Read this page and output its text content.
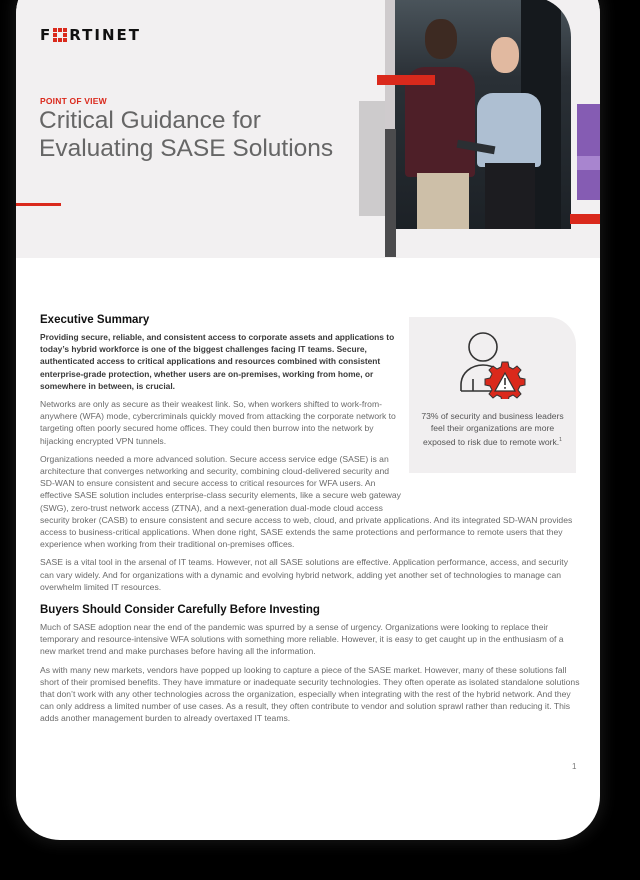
F RTINET
POINT OF VIEW
Critical Guidance for Evaluating SASE Solutions
73% of security and business leaders feel their organizations are more exposed to risk due to remote work.$^1$
Executive Summary

Providing secure, reliable, and consistent access to corporate assets and applications to today’s hybrid workforce is one of the biggest challenges facing IT teams. Secure, authenticated access to critical applications and resources combined with consistent enterprise-grade protection, whether users are on-premises, working from home, or somewhere in between, is crucial.

Networks are only as secure as their weakest link. So, when workers shifted to work-from-anywhere (WFA) mode, cybercriminals quickly moved from attacking the corporate network to targeting often poorly secured home offices. They could then burrow into the network by hijacking encrypted VPN tunnels.

Organizations needed a more advanced solution. Secure access service edge (SASE) is an architecture that converges networking and security, combining cloud-delivered security and SD-WAN to ensure consistent and secure access to critical resources for WFA users. An effective SASE solution includes enterprise-class security elements, like a secure web gateway (SWG), zero-trust network access (ZTNA), and a next-generation dual-mode cloud access security broker (CASB) to ensure consistent and secure access to web, cloud, and private applications. And its integrated SD-WAN provides access to business-critical applications. When done right, SASE extends the same protections and performance to remote users that they experience when working from their traditional on-premises offices.

SASE is a vital tool in the arsenal of IT teams. However, not all SASE solutions are effective. Application performance, access, and security can vary widely. And for organizations with a dynamic and evolving hybrid network, adding yet another set of technologies to manage can overwhelm limited IT resources.

Buyers Should Consider Carefully Before Investing

Much of SASE adoption near the end of the pandemic was spurred by a sense of urgency. Organizations were looking to replace their temporary and resource-intensive WFA solutions with something more reliable. However, it is easy to get caught up in the enthusiasm of a new market trend and make purchases before having all the information.

As with many new markets, vendors have popped up looking to capture a piece of the SASE market. However, many of these solutions fall short of their promised benefits. They have immature or inadequate security technologies. They often operate as isolated standalone solutions that don’t work with any other technologies across the organization, especially when integrating with the rest of the hybrid network. And they can only address a limited number of use cases. As a result, they often contribute to vendor and solution sprawl rather than reducing it. This adds another management burden to already overtaxed IT teams.

1
